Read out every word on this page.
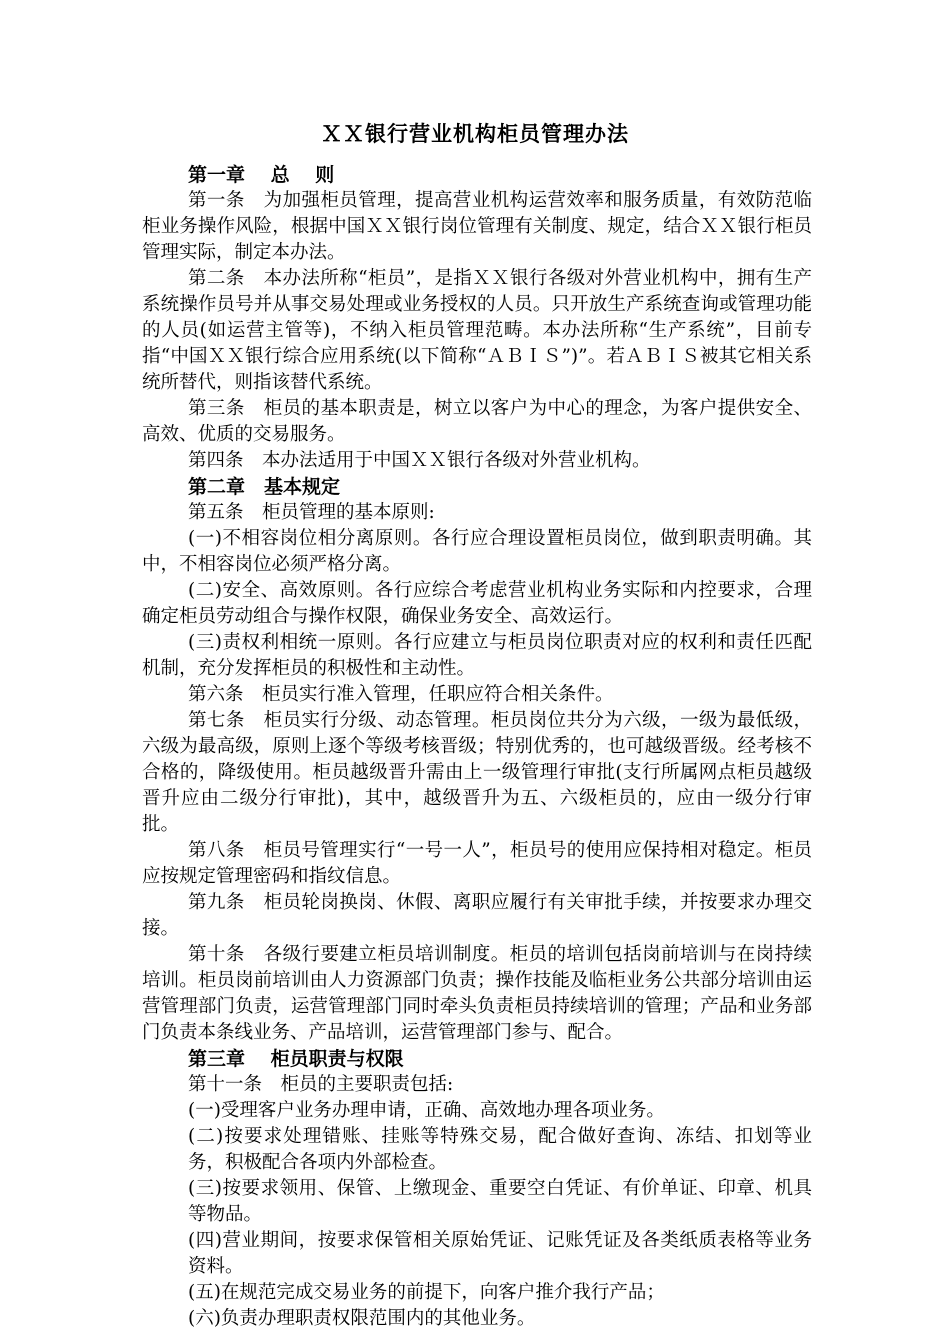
ＸＸ银行营业机构柜员管理办法

第一章　 总　 则

第一条　为加强柜员管理，提高营业机构运营效率和服务质量，有效防范临柜业务操作风险，根据中国ＸＸ银行岗位管理有关制度、规定，结合ＸＸ银行柜员管理实际，制定本办法。

第二条　本办法所称“柜员”，是指ＸＸ银行各级对外营业机构中，拥有生产系统操作员号并从事交易处理或业务授权的人员。只开放生产系统查询或管理功能的人员(如运营主管等)，不纳入柜员管理范畴。本办法所称“生产系统”，目前专指“中国ＸＸ银行综合应用系统(以下简称“ＡＢＩＳ”)”。若ＡＢＩＳ被其它相关系统所替代，则指该替代系统。

第三条　柜员的基本职责是，树立以客户为中心的理念，为客户提供安全、高效、优质的交易服务。

第四条　本办法适用于中国ＸＸ银行各级对外营业机构。

第二章　基本规定

第五条　柜员管理的基本原则:

(一)不相容岗位相分离原则。各行应合理设置柜员岗位，做到职责明确。其中，不相容岗位必须严格分离。

(二)安全、高效原则。各行应综合考虑营业机构业务实际和内控要求，合理确定柜员劳动组合与操作权限，确保业务安全、高效运行。

(三)责权利相统一原则。各行应建立与柜员岗位职责对应的权利和责任匹配机制，充分发挥柜员的积极性和主动性。

第六条　柜员实行准入管理，任职应符合相关条件。

第七条　柜员实行分级、动态管理。柜员岗位共分为六级，一级为最低级，六级为最高级，原则上逐个等级考核晋级；特别优秀的，也可越级晋级。经考核不合格的，降级使用。柜员越级晋升需由上一级管理行审批(支行所属网点柜员越级晋升应由二级分行审批)，其中，越级晋升为五、六级柜员的，应由一级分行审批。

第八条　柜员号管理实行“一号一人”，柜员号的使用应保持相对稳定。柜员应按规定管理密码和指纹信息。

第九条　柜员轮岗换岗、休假、离职应履行有关审批手续，并按要求办理交接。

第十条　各级行要建立柜员培训制度。柜员的培训包括岗前培训与在岗持续培训。柜员岗前培训由人力资源部门负责；操作技能及临柜业务公共部分培训由运营管理部门负责，运营管理部门同时牵头负责柜员持续培训的管理；产品和业务部门负责本条线业务、产品培训，运营管理部门参与、配合。

第三章　 柜员职责与权限

第十一条　柜员的主要职责包括:

(一)受理客户业务办理申请，正确、高效地办理各项业务。

(二)按要求处理错账、挂账等特殊交易，配合做好查询、冻结、扣划等业务，积极配合各项内外部检查。

(三)按要求领用、保管、上缴现金、重要空白凭证、有价单证、印章、机具等物品。

(四)营业期间，按要求保管相关原始凭证、记账凭证及各类纸质表格等业务资料。

(五)在规范完成交易业务的前提下，向客户推介我行产品；

(六)负责办理职责权限范围内的其他业务。
